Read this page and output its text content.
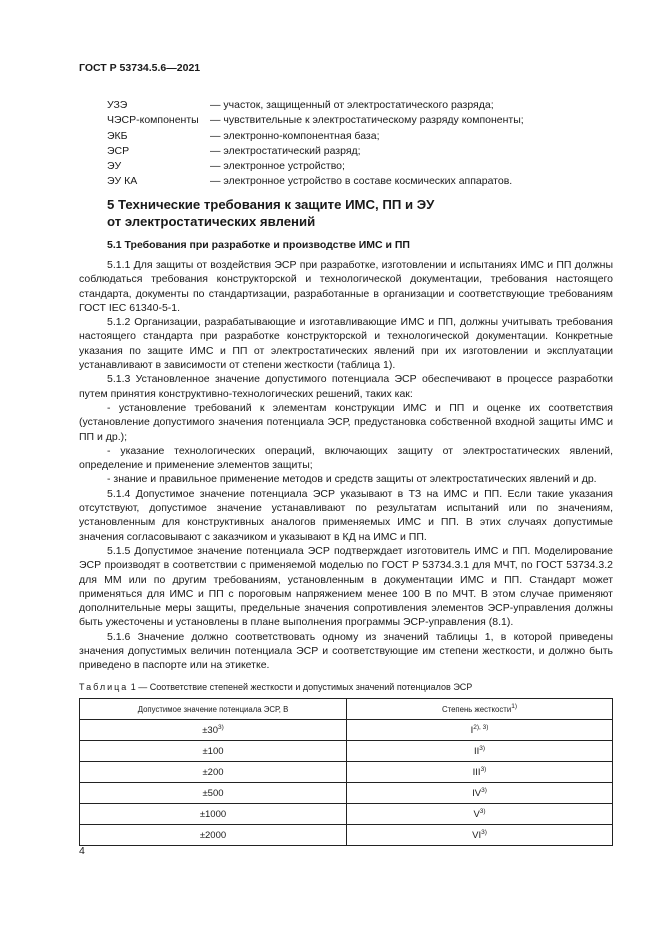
ГОСТ Р 53734.5.6—2021
УЗЭ	— участок, защищенный от электростатического разряда;
ЧЭСР-компоненты	— чувствительные к электростатическому разряду компоненты;
ЭКБ	— электронно-компонентная база;
ЭСР	— электростатический разряд;
ЭУ	— электронное устройство;
ЭУ КА	— электронное устройство в составе космических аппаратов.
5 Технические требования к защите ИМС, ПП и ЭУ
от электростатических явлений
5.1 Требования при разработке и производстве ИМС и ПП

5.1.1 Для защиты от воздействия ЭСР при разработке, изготовлении и испытаниях ИМС и ПП должны соблюдаться требования конструкторской и технологической документации, требования настоящего стандарта, документы по стандартизации, разработанные в организации и соответствующие требованиям ГОСТ IEC 61340-5-1.

5.1.2 Организации, разрабатывающие и изготавливающие ИМС и ПП, должны учитывать требования настоящего стандарта при разработке конструкторской и технологической документации. Конкретные указания по защите ИМС и ПП от электростатических явлений при их изготовлении и эксплуатации устанавливают в зависимости от степени жесткости (таблица 1).

5.1.3 Установленное значение допустимого потенциала ЭСР обеспечивают в процессе разработки путем принятия конструктивно-технологических решений, таких как:

- установление требований к элементам конструкции ИМС и ПП и оценке их соответствия (установление допустимого значения потенциала ЭСР, предустановка собственной входной защиты ИМС и ПП и др.);

- указание технологических операций, включающих защиту от электростатических явлений, определение и применение элементов защиты;

- знание и правильное применение методов и средств защиты от электростатических явлений и др.

5.1.4 Допустимое значение потенциала ЭСР указывают в ТЗ на ИМС и ПП. Если такие указания отсутствуют, допустимое значение устанавливают по результатам испытаний или по значениям, установленным для конструктивных аналогов применяемых ИМС и ПП. В этих случаях допустимые значения согласовывают с заказчиком и указывают в КД на ИМС и ПП.

5.1.5 Допустимое значение потенциала ЭСР подтверждает изготовитель ИМС и ПП. Моделирование ЭСР производят в соответствии с применяемой моделью по ГОСТ Р 53734.3.1 для МЧТ, по ГОСТ 53734.3.2 для ММ или по другим требованиям, установленным в документации ИМС и ПП. Стандарт может применяться для ИМС и ПП с пороговым напряжением менее 100 В по МЧТ. В этом случае применяют дополнительные меры защиты, предельные значения сопротивления элементов ЭСР-управления должны быть ужесточены и установлены в плане выполнения программы ЭСР-управления (8.1).

5.1.6 Значение должно соответствовать одному из значений таблицы 1, в которой приведены значения допустимых величин потенциала ЭСР и соответствующие им степени жесткости, и должно быть приведено в паспорте или на этикетке.

Таблица 1 — Соответствие степеней жесткости и допустимых значений потенциалов ЭСР
Допустимое значение потенциала ЭСР, В	Степень жесткости$^{1)}$
$\pm 30^{3)}$	$I^{2), 3)}$
±100	$II^{3)}$
±200	$III^{3)}$
±500	$IV^{3)}$
±1000	$V^{3)}$
±2000	VI$^{3)}$
4
